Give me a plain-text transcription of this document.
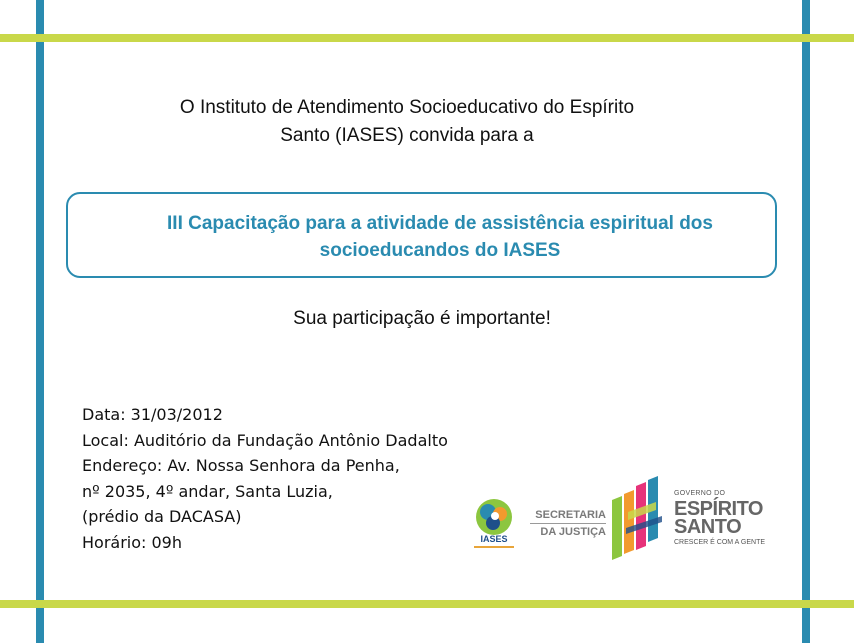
O Instituto de Atendimento Socioeducativo do Espírito
Santo (IASES) convida para a
III Capacitação para a atividade de assistência espiritual dos
socioeducandos do IASES
Sua participação é importante!
Data: 31/03/2012
Local: Auditório da Fundação Antônio Dadalto
Endereço: Av. Nossa Senhora da Penha,
nº 2035, 4º andar, Santa Luzia,
(prédio da DACASA)
Horário: 09h	IASES
SECRETARIA
DA JUSTIÇA
GOVERNO DO
ESPÍRITO
SANTO
CRESCER É COM A GENTE
